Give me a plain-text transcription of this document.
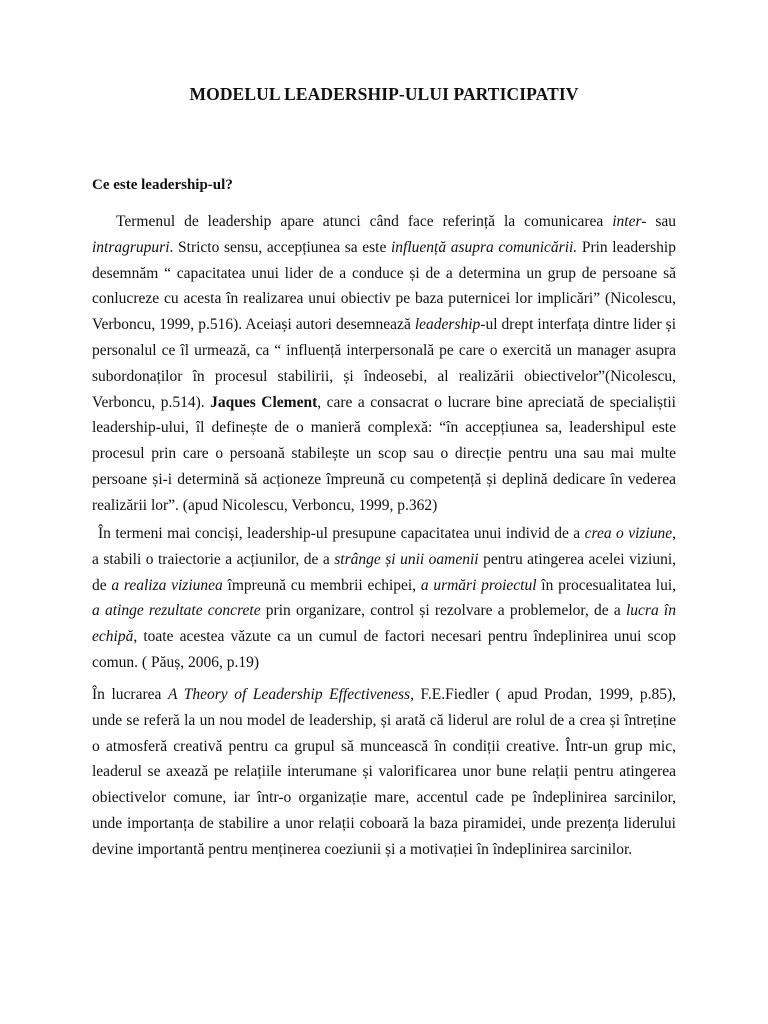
MODELUL LEADERSHIP-ULUI PARTICIPATIV
Ce este leadership-ul?

Termenul de leadership apare atunci când face referință la comunicarea inter- sau intragrupuri. Stricto sensu, accepțiunea sa este influență asupra comunicării. Prin leadership desemnăm “ capacitatea unui lider de a conduce și de a determina un grup de persoane să conlucreze cu acesta în realizarea unui obiectiv pe baza puternicei lor implicări” (Nicolescu, Verboncu, 1999, p.516). Aceiași autori desemnează leadership-ul drept interfața dintre lider și personalul ce îl urmează, ca “ influență interpersonală pe care o exercită un manager asupra subordonaților în procesul stabilirii, și îndeosebi, al realizării obiectivelor”(Nicolescu, Verboncu, p.514). Jaques Clement, care a consacrat o lucrare bine apreciată de specialiștii leadership-ului, îl definește de o manieră complexă: “în accepțiunea sa, leadershipul este procesul prin care o persoană stabilește un scop sau o direcție pentru una sau mai multe persoane și-i determină să acționeze împreună cu competență și deplină dedicare în vederea realizării lor”. (apud Nicolescu, Verboncu, 1999, p.362)

În termeni mai conciși, leadership-ul presupune capacitatea unui individ de a crea o viziune, a stabili o traiectorie a acțiunilor, de a strânge și unii oamenii pentru atingerea acelei viziuni, de a realiza viziunea împreună cu membrii echipei, a urmări proiectul în procesualitatea lui, a atinge rezultate concrete prin organizare, control și rezolvare a problemelor, de a lucra în echipă, toate acestea văzute ca un cumul de factori necesari pentru îndeplinirea unui scop comun. ( Păuș, 2006, p.19)

În lucrarea A Theory of Leadership Effectiveness, F.E.Fiedler ( apud Prodan, 1999, p.85), unde se referă la un nou model de leadership, și arată că liderul are rolul de a crea și întreține o atmosferă creativă pentru ca grupul să muncească în condiții creative. Într-un grup mic, leaderul se axează pe relațiile interumane și valorificarea unor bune relații pentru atingerea obiectivelor comune, iar într-o organizație mare, accentul cade pe îndeplinirea sarcinilor, unde importanța de stabilire a unor relații coboară la baza piramidei, unde prezența liderului devine importantă pentru menținerea coeziunii și a motivației în îndeplinirea sarcinilor.
